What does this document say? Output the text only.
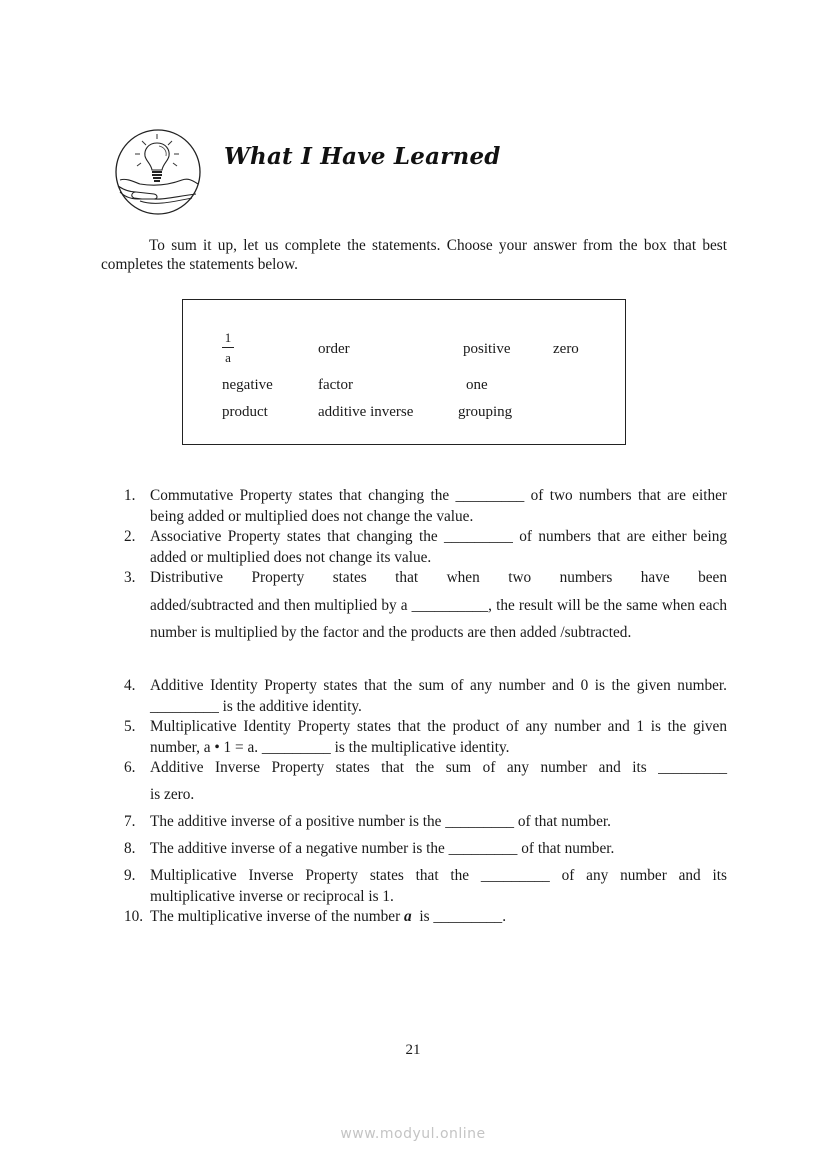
What I Have Learned
To sum it up, let us complete the statements. Choose your answer from the box that best completes the statements below.
$\frac{1}{a}$	order	positive	zero
negative	factor	one
product	additive inverse	grouping
1. Commutative Property states that changing the _________ of two numbers that are either being added or multiplied does not change the value.
2. Associative Property states that changing the _________ of numbers that are either being added or multiplied does not change its value.
3. Distributive Property states that when two numbers have been
added/subtracted and then multiplied by a __________, the result will be the same when each number is multiplied by the factor and the products are then added /subtracted.
4. Additive Identity Property states that the sum of any number and 0 is the given number. _________ is the additive identity.
5. Multiplicative Identity Property states that the product of any number and 1 is the given number, a • 1 = a. _________ is the multiplicative identity.
6. Additive Inverse Property states that the sum of any number and its _________
is zero.
7. The additive inverse of a positive number is the _________ of that number.
8. The additive inverse of a negative number is the _________ of that number.
9. Multiplicative Inverse Property states that the _________ of any number and its multiplicative inverse or reciprocal is 1.
10. The multiplicative inverse of the number a  is _________.
21
www.modyul.online
